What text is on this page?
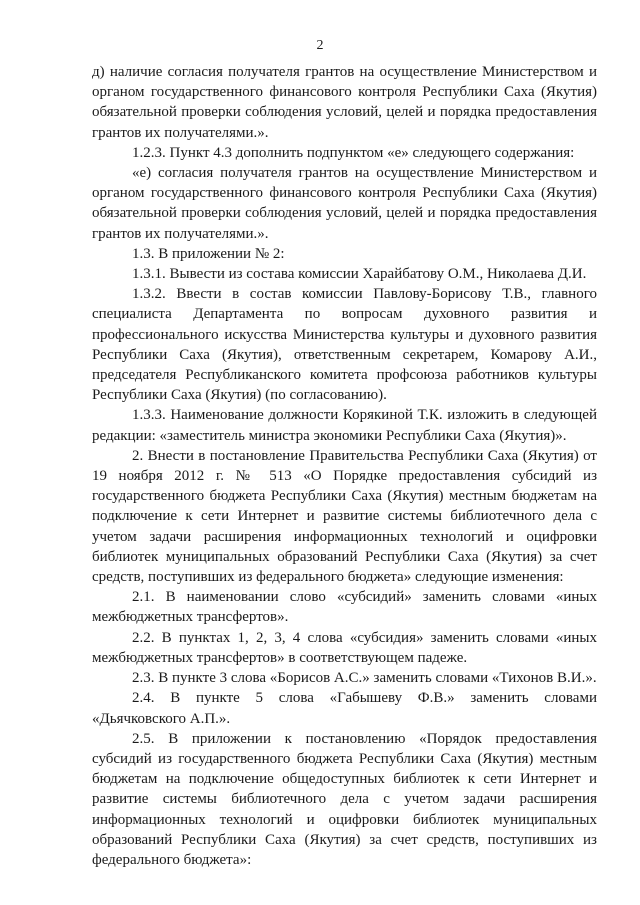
2

д) наличие согласия получателя грантов на осуществление Министерством и органом государственного финансового контроля Республики Саха (Якутия) обязательной проверки соблюдения условий, целей и порядка предоставления грантов их получателями.».

1.2.3. Пункт 4.3 дополнить подпунктом «е» следующего содержания:

«е) согласия получателя грантов на осуществление Министерством и органом государственного финансового контроля Республики Саха (Якутия) обязательной проверки соблюдения условий, целей и порядка предоставления грантов их получателями.».

1.3. В приложении № 2:

1.3.1. Вывести из состава комиссии Харайбатову О.М., Николаева Д.И.

1.3.2. Ввести в состав комиссии Павлову-Борисову Т.В., главного специалиста Департамента по вопросам духовного развития и профессионального искусства Министерства культуры и духовного развития Республики Саха (Якутия), ответственным секретарем, Комарову А.И., председателя Республиканского комитета профсоюза работников культуры Республики Саха (Якутия) (по согласованию).

1.3.3. Наименование должности Корякиной Т.К. изложить в следующей редакции: «заместитель министра экономики Республики Саха (Якутия)».

2. Внести в постановление Правительства Республики Саха (Якутия) от 19 ноября 2012 г. № 513 «О Порядке предоставления субсидий из государственного бюджета Республики Саха (Якутия) местным бюджетам на подключение к сети Интернет и развитие системы библиотечного дела с учетом задачи расширения информационных технологий и оцифровки библиотек муниципальных образований Республики Саха (Якутия) за счет средств, поступивших из федерального бюджета» следующие изменения:

2.1. В наименовании слово «субсидий» заменить словами «иных межбюджетных трансфертов».

2.2. В пунктах 1, 2, 3, 4 слова «субсидия» заменить словами «иных межбюджетных трансфертов» в соответствующем падеже.

2.3. В пункте 3 слова «Борисов А.С.» заменить словами «Тихонов В.И.».

2.4. В пункте 5 слова «Габышеву Ф.В.» заменить словами «Дьячковского А.П.».

2.5. В приложении к постановлению «Порядок предоставления субсидий из государственного бюджета Республики Саха (Якутия) местным бюджетам на подключение общедоступных библиотек к сети Интернет и развитие системы библиотечного дела с учетом задачи расширения информационных технологий и оцифровки библиотек муниципальных образований Республики Саха (Якутия) за счет средств, поступивших из федерального бюджета»:
